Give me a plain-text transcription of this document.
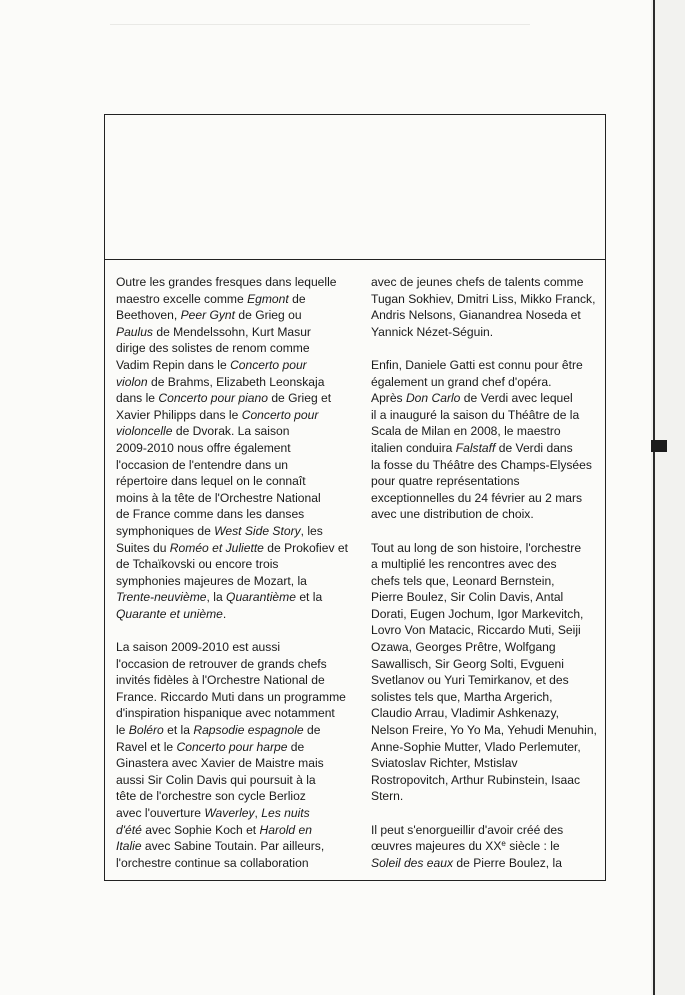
Outre les grandes fresques dans lequelle maestro excelle comme Egmont de
Beethoven, Peer Gynt de Grieg ou
Paulus de Mendelssohn, Kurt Masur
dirige des solistes de renom comme
Vadim Repin dans le Concerto pour
violon de Brahms, Elizabeth Leonskaja
dans le Concerto pour piano de Grieg et
Xavier Philipps dans le Concerto pour
violoncelle de Dvorak. La saison
2009-2010 nous offre également
l'occasion de l'entendre dans un
répertoire dans lequel on le connaît
moins à la tête de l'Orchestre National
de France comme dans les danses
symphoniques de West Side Story, les
Suites du Roméo et Juliette de Prokofiev et
de Tchaïkovski ou encore trois
symphonies majeures de Mozart, la
Trente-neuvième, la Quarantième et la
Quarante et unième.

La saison 2009-2010 est aussi
l'occasion de retrouver de grands chefs
invités fidèles à l'Orchestre National de
France. Riccardo Muti dans un programme
d'inspiration hispanique avec notamment
le Boléro et la Rapsodie espagnole de
Ravel et le Concerto pour harpe de
Ginastera avec Xavier de Maistre mais
aussi Sir Colin Davis qui poursuit à la
tête de l'orchestre son cycle Berlioz
avec l'ouverture Waverley, Les nuits
d'été avec Sophie Koch et Harold en
Italie avec Sabine Toutain. Par ailleurs,
l'orchestre continue sa collaboration

avec de jeunes chefs de talents comme
Tugan Sokhiev, Dmitri Liss, Mikko Franck,
Andris Nelsons, Gianandrea Noseda et
Yannick Nézet-Séguin.

Enfin, Daniele Gatti est connu pour être
également un grand chef d'opéra.
Après Don Carlo de Verdi avec lequel
il a inauguré la saison du Théâtre de la
Scala de Milan en 2008, le maestro
italien conduira Falstaff de Verdi dans
la fosse du Théâtre des Champs-Elysées
pour quatre représentations
exceptionnelles du 24 février au 2 mars
avec une distribution de choix.

Tout au long de son histoire, l'orchestre
a multiplié les rencontres avec des
chefs tels que, Leonard Bernstein,
Pierre Boulez, Sir Colin Davis, Antal
Dorati, Eugen Jochum, Igor Markevitch,
Lovro Von Matacic, Riccardo Muti, Seiji
Ozawa, Georges Prêtre, Wolfgang
Sawallisch, Sir Georg Solti, Evgueni
Svetlanov ou Yuri Temirkanov, et des
solistes tels que, Martha Argerich,
Claudio Arrau, Vladimir Ashkenazy,
Nelson Freire, Yo Yo Ma, Yehudi Menuhin,
Anne-Sophie Mutter, Vlado Perlemuter,
Sviatoslav Richter, Mstislav
Rostropovitch, Arthur Rubinstein, Isaac
Stern.

Il peut s'enorgueillir d'avoir créé des
œuvres majeures du XXe siècle : le
Soleil des eaux de Pierre Boulez, la
